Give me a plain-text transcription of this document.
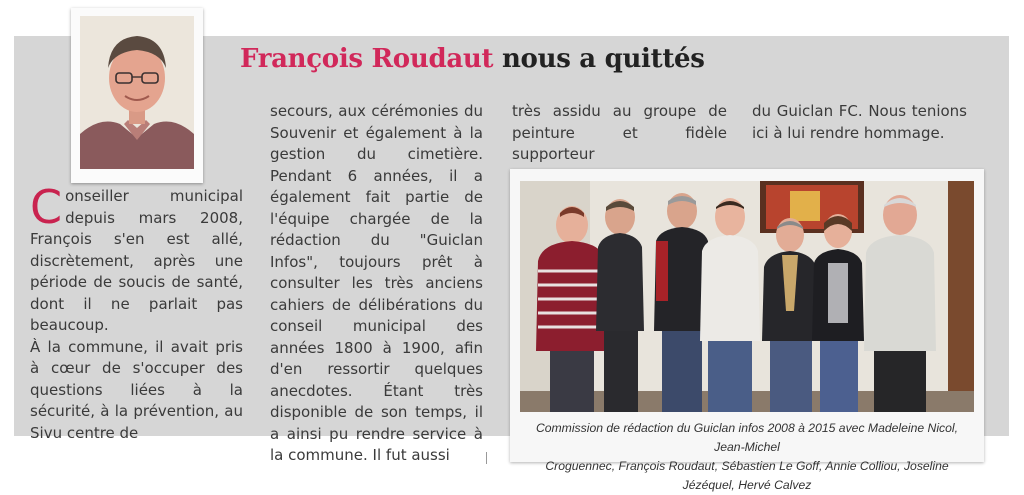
François Roudaut nous a quittés

Conseiller municipal depuis mars 2008, François s'en est allé, discrètement, après une période de soucis de santé, dont il ne parlait pas beaucoup.

À la commune, il avait pris à cœur de s'occuper des questions liées à la sécurité, à la prévention, au Sivu centre de

secours, aux cérémonies du Souvenir et également à la gestion du cimetière. Pendant 6 années, il a également fait partie de l'équipe chargée de la rédaction du "Guiclan Infos", toujours prêt à consulter les très anciens cahiers de délibérations du conseil municipal des années 1800 à 1900, afin d'en ressortir quelques anecdotes. Étant très disponible de son temps, il a ainsi pu rendre service à la commune. Il fut aussi

très assidu au groupe de peinture et fidèle supporteur

du Guiclan FC. Nous tenions ici à lui rendre hommage.

Commission de rédaction du Guiclan infos 2008 à 2015 avec Madeleine Nicol, Jean-Michel
Croguennec, François Roudaut, Sébastien Le Goff, Annie Colliou, Joseline Jézéquel, Hervé Calvez
